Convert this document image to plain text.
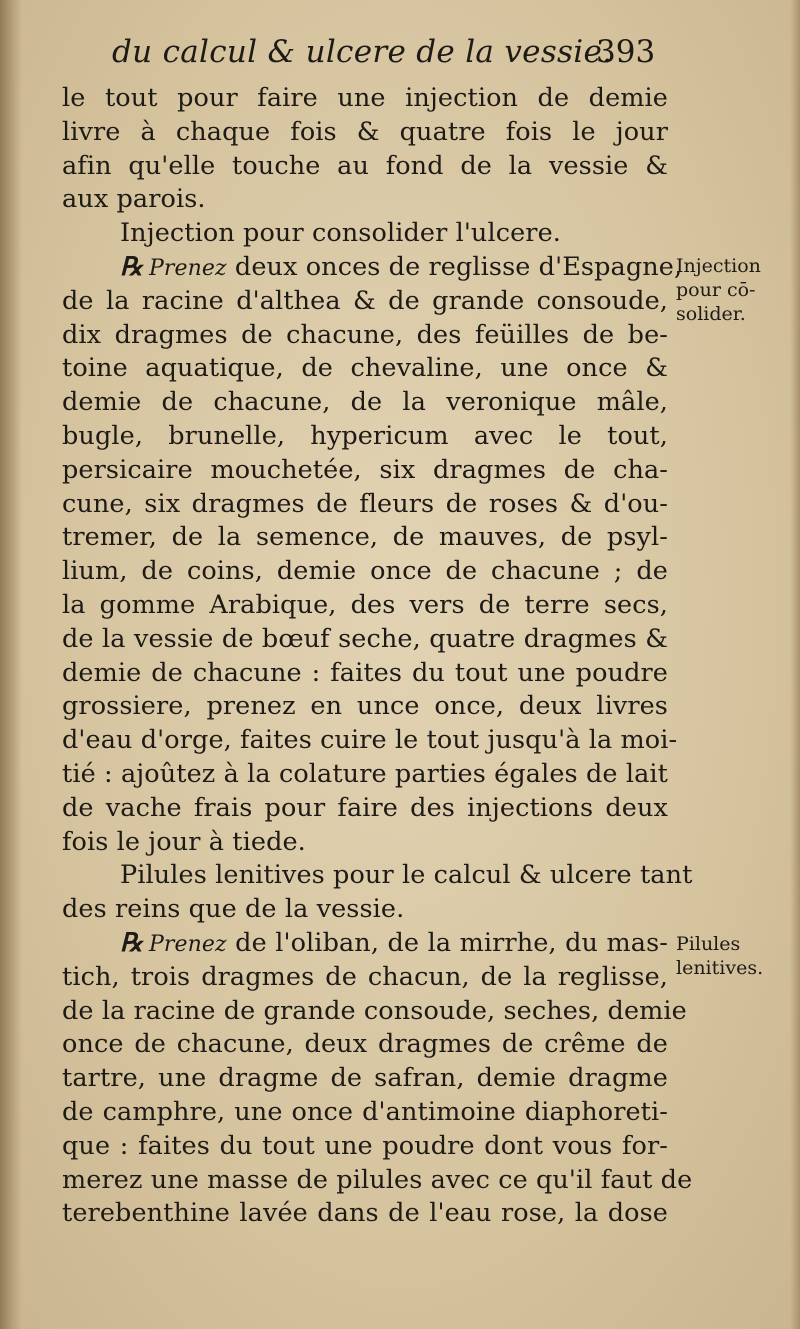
du calcul & ulcere de la vessie.
393
le tout pour faire une injection de demie
livre à chaque fois & quatre fois le jour
afin qu'elle touche au fond de la vessie &
aux parois.
Injection pour consolider l'ulcere.
℞ Prenez deux onces de reglisse d'Espagne,
de la racine d'althea & de grande consoude,
dix dragmes de chacune, des feüilles de be-
toine aquatique, de chevaline, une once &
demie de chacune, de la veronique mâle,
bugle, brunelle, hypericum avec le tout,
persicaire mouchetée, six dragmes de cha-
cune, six dragmes de fleurs de roses & d'ou-
tremer, de la semence, de mauves, de psyl-
lium, de coins, demie once de chacune ; de
la gomme Arabique, des vers de terre secs,
de la vessie de bœuf seche, quatre dragmes &
demie de chacune : faites du tout une poudre
grossiere, prenez en unce once, deux livres
d'eau d'orge, faites cuire le tout jusqu'à la moi-
tié : ajoûtez à la colature parties égales de lait
de vache frais pour faire des injections deux
fois le jour à tiede.
Pilules lenitives pour le calcul & ulcere tant
des reins que de la vessie.
℞ Prenez de l'oliban, de la mirrhe, du mas-
tich, trois dragmes de chacun, de la reglisse,
de la racine de grande consoude, seches, demie
once de chacune, deux dragmes de crême de
tartre, une dragme de safran, demie dragme
de camphre, une once d'antimoine diaphoreti-
que : faites du tout une poudre dont vous for-
merez une masse de pilules avec ce qu'il faut de
terebenthine lavée dans de l'eau rose, la dose
Injection
pour cō-
solider.
Pilules
lenitives.
